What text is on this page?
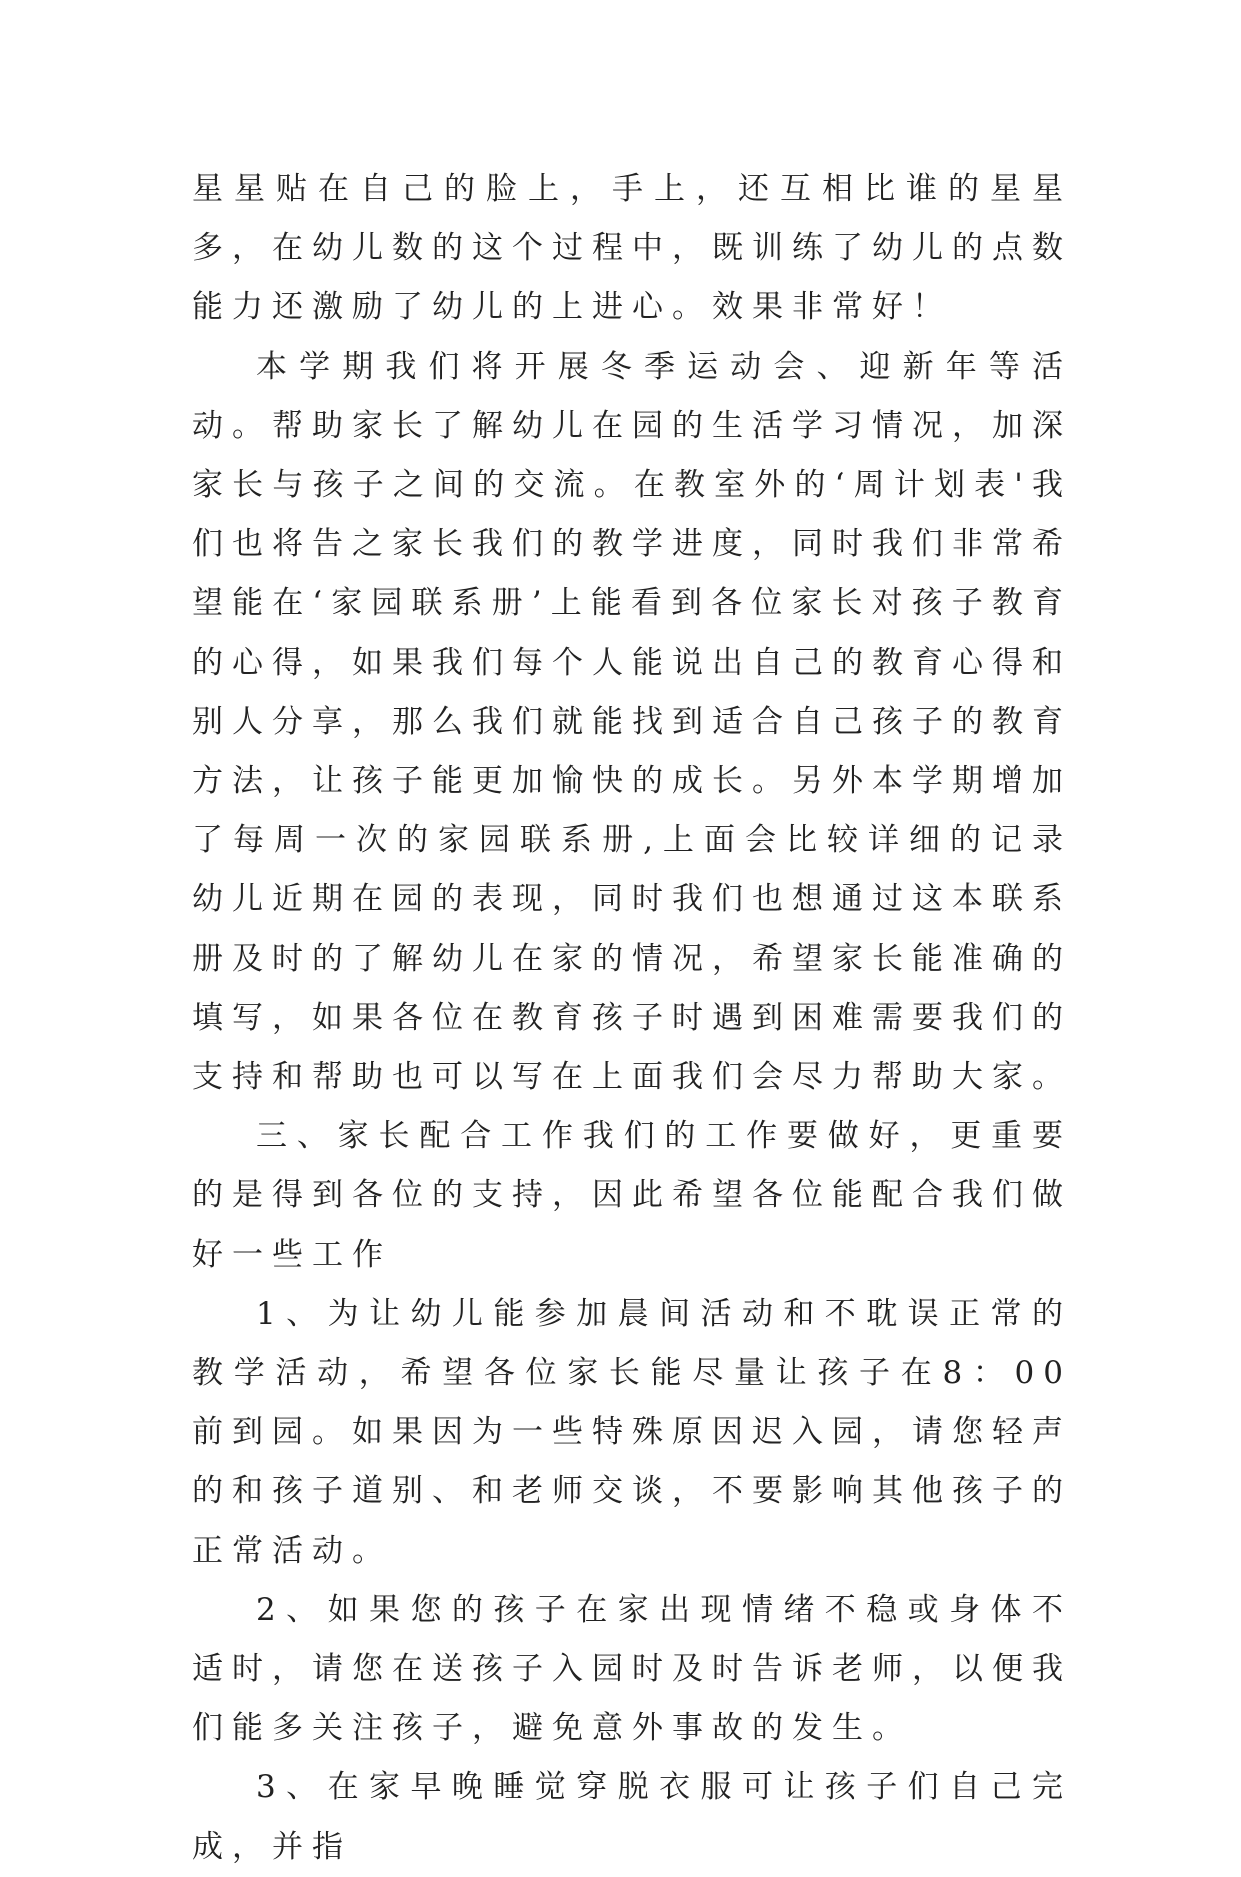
星星贴在自己的脸上，手上，还互相比谁的星星多，在幼儿数的这个过程中，既训练了幼儿的点数能力还激励了幼儿的上进心。效果非常好！

本学期我们将开展冬季运动会、迎新年等活动。帮助家长了解幼儿在园的生活学习情况，加深家长与孩子之间的交流。在教室外的‘周计划表'我们也将告之家长我们的教学进度，同时我们非常希望能在‘家园联系册’上能看到各位家长对孩子教育的心得，如果我们每个人能说出自己的教育心得和别人分享，那么我们就能找到适合自己孩子的教育方法，让孩子能更加愉快的成长。另外本学期增加了每周一次的家园联系册,上面会比较详细的记录幼儿近期在园的表现，同时我们也想通过这本联系册及时的了解幼儿在家的情况，希望家长能准确的填写，如果各位在教育孩子时遇到困难需要我们的支持和帮助也可以写在上面我们会尽力帮助大家。

三、家长配合工作我们的工作要做好，更重要的是得到各位的支持，因此希望各位能配合我们做好一些工作

1、为让幼儿能参加晨间活动和不耽误正常的教学活动，希望各位家长能尽量让孩子在8：00前到园。如果因为一些特殊原因迟入园，请您轻声的和孩子道别、和老师交谈，不要影响其他孩子的正常活动。

2、如果您的孩子在家出现情绪不稳或身体不适时，请您在送孩子入园时及时告诉老师，以便我们能多关注孩子，避免意外事故的发生。

3、在家早晚睡觉穿脱衣服可让孩子们自己完成，并指
